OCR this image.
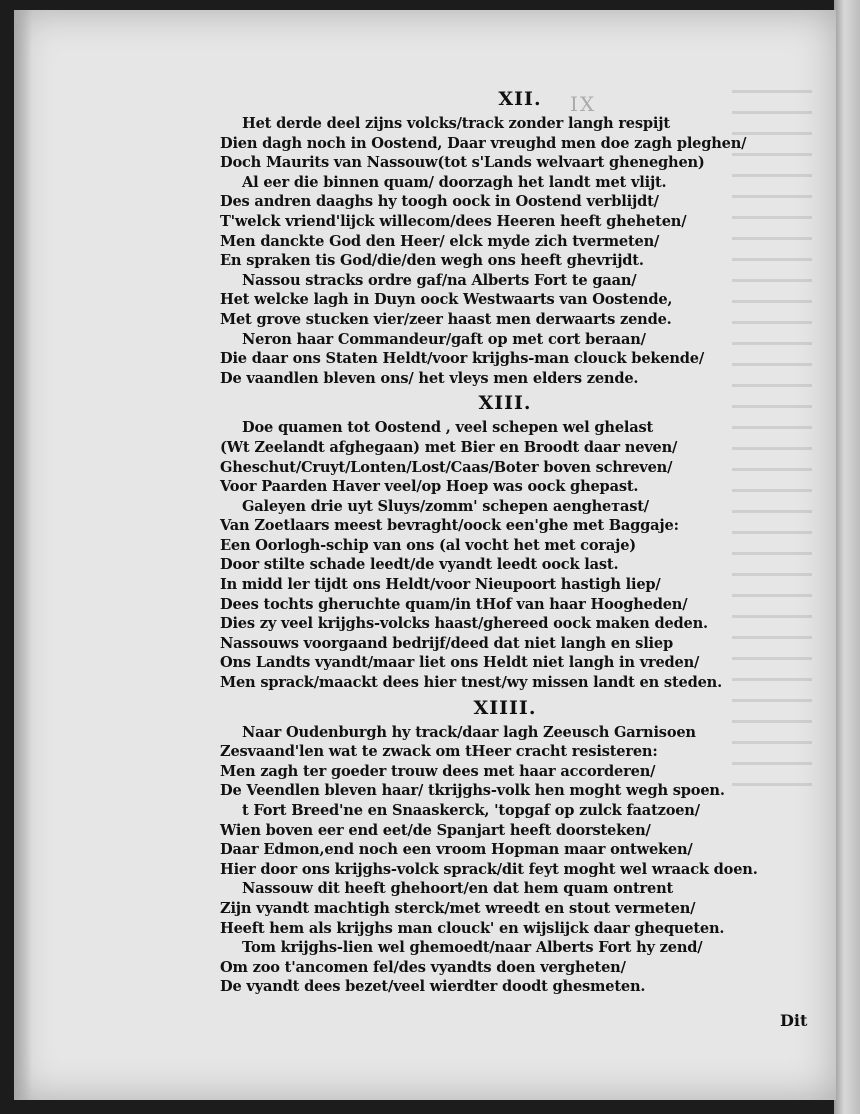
IX
XII.
Het derde deel zijns volcks/track zonder langh respijt
Dien dagh noch in Oostend, Daar vreughd men doe zagh pleghen/
Doch Maurits van Nassouw(tot s'Lands welvaart gheneghen)
Al eer die binnen quam/ doorzagh het landt met vlijt.
Des andren daaghs hy toogh oock in Oostend verblijdt/
T'welck vriend'lijck willecom/dees Heeren heeft gheheten/
Men danckte God den Heer/ elck myde zich tvermeten/
En spraken tis God/die/den wegh ons heeft ghevrijdt.
Nassou stracks ordre gaf/na Alberts Fort te gaan/
Het welcke lagh in Duyn oock Westwaarts van Oostende,
Met grove stucken vier/zeer haast men derwaarts zende.
Neron haar Commandeur/gaft op met cort beraan/
Die daar ons Staten Heldt/voor krijghs-man clouck bekende/
De vaandlen bleven ons/ het vleys men elders zende.
XIII.
Doe quamen tot Oostend , veel schepen wel ghelast
(Wt Zeelandt afghegaan) met Bier en Broodt daar neven/
Gheschut/Cruyt/Lonten/Lost/Caas/Boter boven schreven/
Voor Paarden Haver veel/op Hoep was oock ghepast.
Galeyen drie uyt Sluys/zomm' schepen aengheтast/
Van Zoetlaars meest bevraght/oock een'ghe met Baggaje:
Een Oorlogh-schip van ons (al vocht het met coraje)
Door stilte schade leedt/de vyandt leedt oock last.
In midd ler tijdt ons Heldt/voor Nieupoort hastigh liep/
Dees tochts gheruchte quam/in tHof van haar Hoogheden/
Dies zy veel krijghs-volcks haast/ghereed oock maken deden.
Nassouws voorgaand bedrijf/deed dat niet langh en sliep
Ons Landts vyandt/maar liet ons Heldt niet langh in vreden/
Men sprack/maackt dees hier tnest/wy missen landt en steden.
XIIII.
Naar Oudenburgh hy track/daar lagh Zeeusch Garnisoen
Zesvaand'len wat te zwack om tHeer cracht resisteren:
Men zagh ter goeder trouw dees met haar accorderen/
De Veendlen bleven haar/ tkrijghs-volk hen moght wegh spoen.
t Fort Breed'ne en Snaaskerck, 'topgaf op zulck faatzoen/
Wien boven eer end eet/de Spanjart heeft doorsteken/
Daar Edmon,end noch een vroom Hopman maar ontweken/
Hier door ons krijghs-volck sprack/dit feyt moght wel wraack doen.
Nassouw dit heeft ghehoort/en dat hem quam ontrent
Zijn vyandt machtigh sterck/met wreedt en stout vermeten/
Heeft hem als krijghs man clouck' en wijslijck daar ghequeten.
Tom krijghs-lien wel ghemoedt/naar Alberts Fort hy zend/
Om zoo t'ancomen fel/des vyandts doen vergheten/
De vyandt dees bezet/veel wierdter doodt ghesmeten.
Dit
